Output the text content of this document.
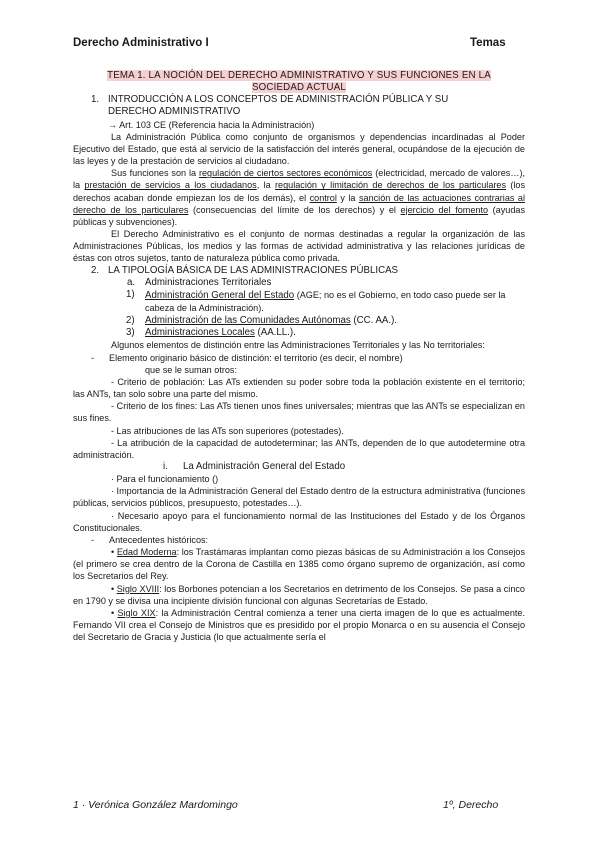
Derecho Administrativo I	Temas
TEMA 1. LA NOCIÓN DEL DERECHO ADMINISTRATIVO Y SUS FUNCIONES EN LA
SOCIEDAD ACTUAL
1. INTRODUCCIÓN A LOS CONCEPTOS DE ADMINISTRACIÓN PÚBLICA Y SU
DERECHO ADMINISTRATIVO

→ Art. 103 CE (Referencia hacia la Administración)

La Administración Pública como conjunto de organismos y dependencias incardinadas al Poder Ejecutivo del Estado, que está al servicio de la satisfacción del interés general, ocupándose de la ejecución de las leyes y de la prestación de servicios al ciudadano.

Sus funciones son la regulación de ciertos sectores económicos (electricidad, mercado de valores…), la prestación de servicios a los ciudadanos, la regulación y limitación de derechos de los particulares (los derechos acaban donde empiezan los de los demás), el control y la sanción de las actuaciones contrarias al derecho de los particulares (consecuencias del límite de los derechos) y el ejercicio del fomento (ayudas públicas y subvenciones).

El Derecho Administrativo es el conjunto de normas destinadas a regular la organización de las Administraciones Públicas, los medios y las formas de actividad administrativa y las relaciones jurídicas de éstas con otros sujetos, tanto de naturaleza pública como privada.

2. LA TIPOLOGÍA BÁSICA DE LAS ADMINISTRACIONES PÚBLICAS
a.	Administraciones Territoriales
1)	Administración General del Estado (AGE; no es el Gobierno, en todo caso puede ser la cabeza de la Administración).
2)	Administración de las Comunidades Autónomas (CC. AA.).
3)	Administraciones Locales (AA.LL.).

Algunos elementos de distinción entre las Administraciones Territoriales y las No territoriales:

-	Elemento originario básico de distinción: el territorio (es decir, el nombre)
que se le suman otros:

- Criterio de población: Las ATs extienden su poder sobre toda la población existente en el territorio; las ANTs, tan solo sobre una parte del mismo.

- Criterio de los fines: Las ATs tienen unos fines universales; mientras que las ANTs se especializan en sus fines.

- Las atribuciones de las ATs son superiores (potestades).

- La atribución de la capacidad de autodeterminar; las ANTs, dependen de lo que autodetermine otra administración.

i.	La Administración General del Estado

· Para el funcionamiento ()

· Importancia de la Administración General del Estado dentro de la estructura administrativa (funciones públicas, servicios públicos, presupuesto, potestades…).

· Necesario apoyo para el funcionamiento normal de las Instituciones del Estado y de los Órganos Constitucionales.

-	Antecedentes históricos:

• Edad Moderna: los Trastámaras implantan como piezas básicas de su Administración a los Consejos (el primero se crea dentro de la Corona de Castilla en 1385 como órgano supremo de organización, así como los Secretarios del Rey.

• Siglo XVIII: los Borbones potencian a los Secretarios en detrimento de los Consejos. Se pasa a cinco en 1790 y se divisa una incipiente división funcional con algunas Secretarías de Estado.

• Siglo XIX: la Administración Central comienza a tener una cierta imagen de lo que es actualmente. Fernando VII crea el Consejo de Ministros que es presidido por el propio Monarca o en su ausencia el Consejo del Secretario de Gracia y Justicia (lo que actualmente sería el

1 · Verónica González Mardomingo	1º, Derecho
